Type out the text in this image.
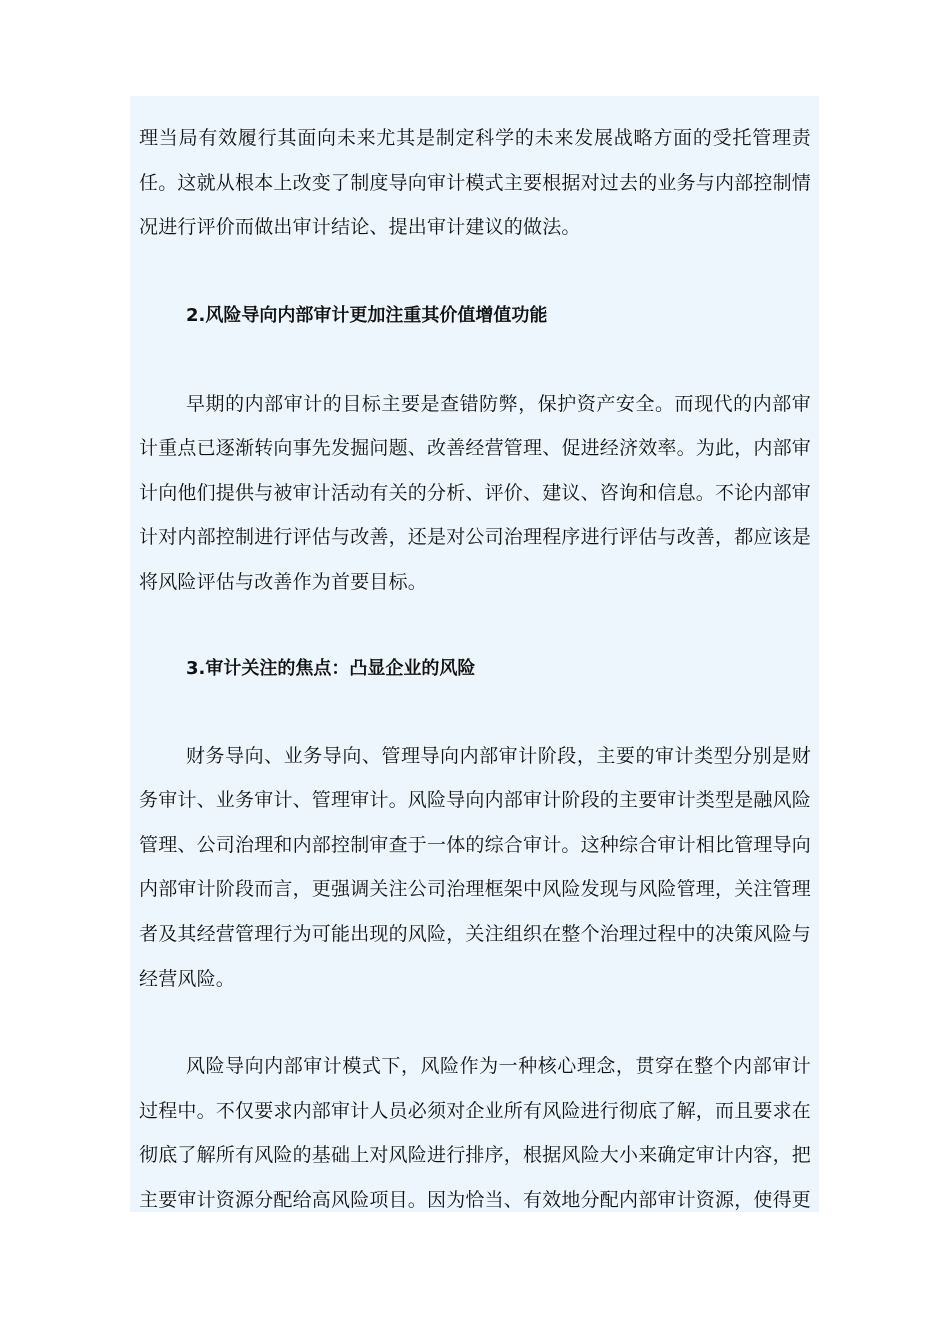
理当局有效履行其面向未来尤其是制定科学的未来发展战略方面的受托管理责
任。这就从根本上改变了制度导向审计模式主要根据对过去的业务与内部控制情
况进行评价而做出审计结论、提出审计建议的做法。
2.风险导向内部审计更加注重其价值增值功能
早期的内部审计的目标主要是查错防弊，保护资产安全。而现代的内部审
计重点已逐渐转向事先发掘问题、改善经营管理、促进经济效率。为此，内部审
计向他们提供与被审计活动有关的分析、评价、建议、咨询和信息。不论内部审
计对内部控制进行评估与改善，还是对公司治理程序进行评估与改善，都应该是
将风险评估与改善作为首要目标。
3.审计关注的焦点：凸显企业的风险
财务导向、业务导向、管理导向内部审计阶段，主要的审计类型分别是财
务审计、业务审计、管理审计。风险导向内部审计阶段的主要审计类型是融风险
管理、公司治理和内部控制审查于一体的综合审计。这种综合审计相比管理导向
内部审计阶段而言，更强调关注公司治理框架中风险发现与风险管理，关注管理
者及其经营管理行为可能出现的风险，关注组织在整个治理过程中的决策风险与
经营风险。
风险导向内部审计模式下，风险作为一种核心理念，贯穿在整个内部审计
过程中。不仅要求内部审计人员必须对企业所有风险进行彻底了解，而且要求在
彻底了解所有风险的基础上对风险进行排序，根据风险大小来确定审计内容，把
主要审计资源分配给高风险项目。因为恰当、有效地分配内部审计资源，使得更
